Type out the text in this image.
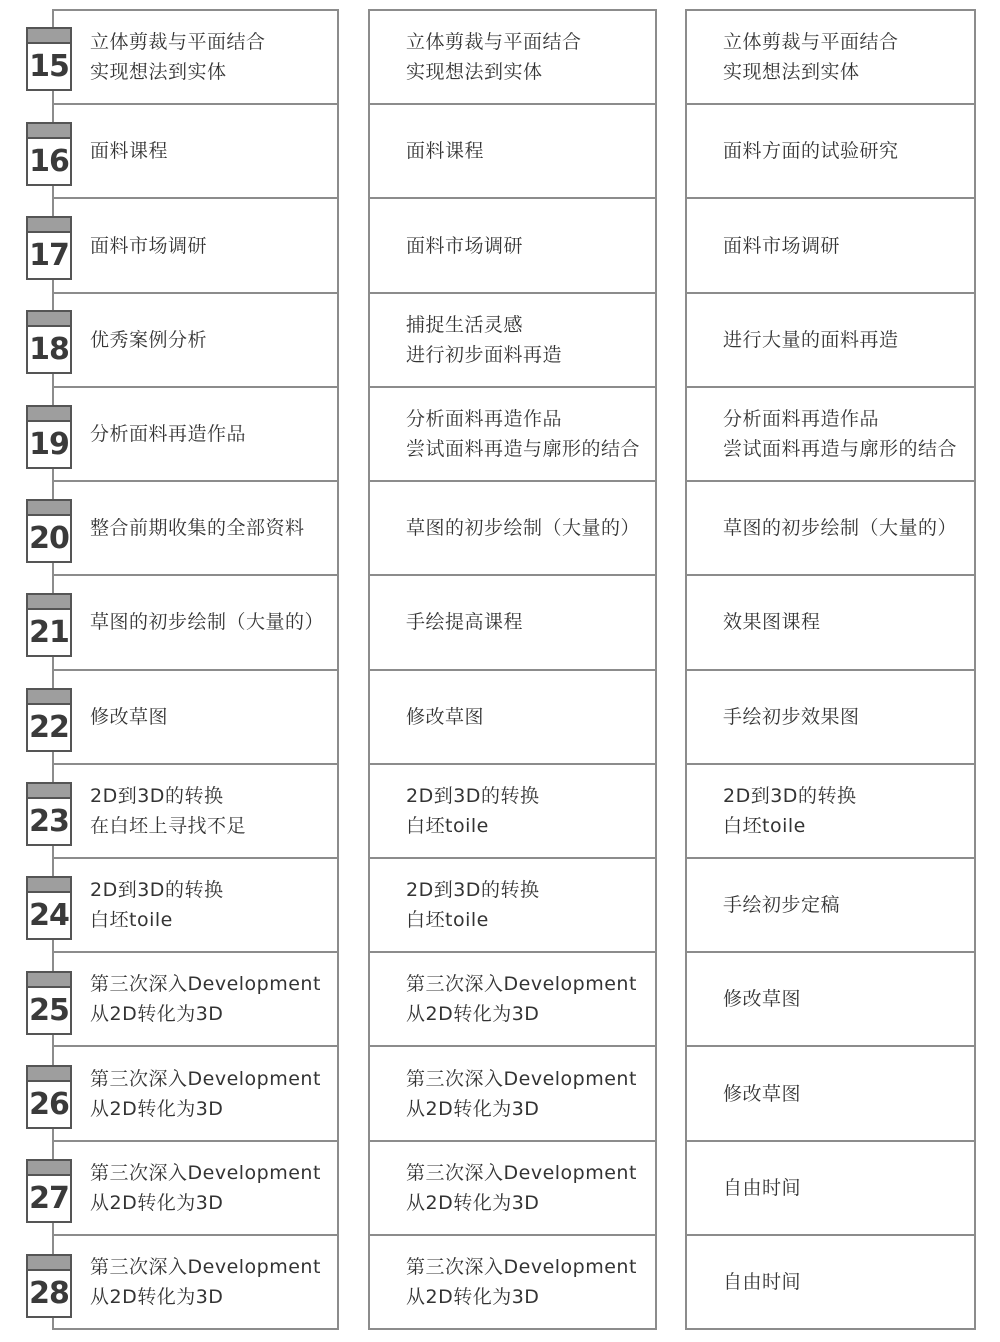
立体剪裁与平面结合
实现想法到实体
面料课程
面料市场调研
优秀案例分析
分析面料再造作品
整合前期收集的全部资料
草图的初步绘制（大量的）
修改草图
2D到3D的转换
在白坯上寻找不足
2D到3D的转换
白坯toile
第三次深入Development
从2D转化为3D
第三次深入Development
从2D转化为3D
第三次深入Development
从2D转化为3D
第三次深入Development
从2D转化为3D
立体剪裁与平面结合
实现想法到实体
面料课程
面料市场调研
捕捉生活灵感
进行初步面料再造
分析面料再造作品
尝试面料再造与廓形的结合
草图的初步绘制（大量的）
手绘提高课程
修改草图
2D到3D的转换
白坯toile
2D到3D的转换
白坯toile
第三次深入Development
从2D转化为3D
第三次深入Development
从2D转化为3D
第三次深入Development
从2D转化为3D
第三次深入Development
从2D转化为3D
立体剪裁与平面结合
实现想法到实体
面料方面的试验研究
面料市场调研
进行大量的面料再造
分析面料再造作品
尝试面料再造与廓形的结合
草图的初步绘制（大量的）
效果图课程
手绘初步效果图
2D到3D的转换
白坯toile
手绘初步定稿
修改草图
修改草图
自由时间
自由时间
15
16
17
18
19
20
21
22
23
24
25
26
27
28
